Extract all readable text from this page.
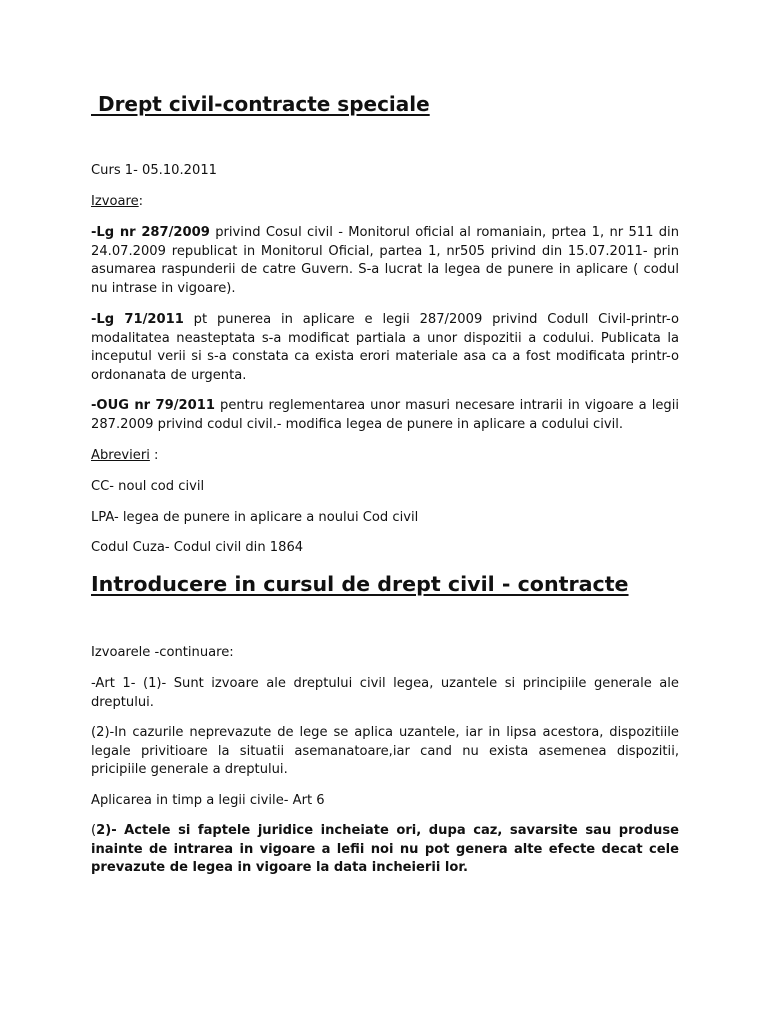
Drept civil-contracte speciale

Curs 1- 05.10.2011

Izvoare:

-Lg nr 287/2009 privind Cosul civil - Monitorul oficial al romaniain, prtea 1, nr 511 din 24.07.2009 republicat in Monitorul Oficial, partea 1, nr505 privind din 15.07.2011- prin asumarea raspunderii de catre Guvern. S-a lucrat la legea de punere in aplicare ( codul nu intrase in vigoare).

-Lg 71/2011 pt punerea in aplicare e legii 287/2009 privind Codull Civil-printr-o modalitatea neasteptata s-a modificat partiala a unor dispozitii a codului. Publicata la inceputul verii si s-a constata ca exista erori materiale asa ca a fost modificata printr-o ordonanata de urgenta.

-OUG nr 79/2011 pentru reglementarea unor masuri necesare intrarii in vigoare a legii 287.2009 privind codul civil.- modifica legea de punere in aplicare a codului civil.

Abrevieri :

CC- noul cod civil

LPA- legea de punere in aplicare a noului Cod civil

Codul Cuza- Codul civil din 1864

Introducere in cursul de drept civil - contracte

Izvoarele -continuare:

-Art 1- (1)- Sunt izvoare ale dreptului civil legea, uzantele si principiile generale ale dreptului.

(2)-In cazurile neprevazute de lege se aplica uzantele, iar in lipsa acestora, dispozitiile legale privitioare la situatii asemanatoare,iar cand nu exista asemenea dispozitii, pricipiile generale a dreptului.

Aplicarea in timp a legii civile- Art 6

(2)- Actele si faptele juridice incheiate ori, dupa caz, savarsite sau produse inainte de intrarea in vigoare a lefii noi nu pot genera alte efecte decat cele prevazute de legea in vigoare la data incheierii lor.
